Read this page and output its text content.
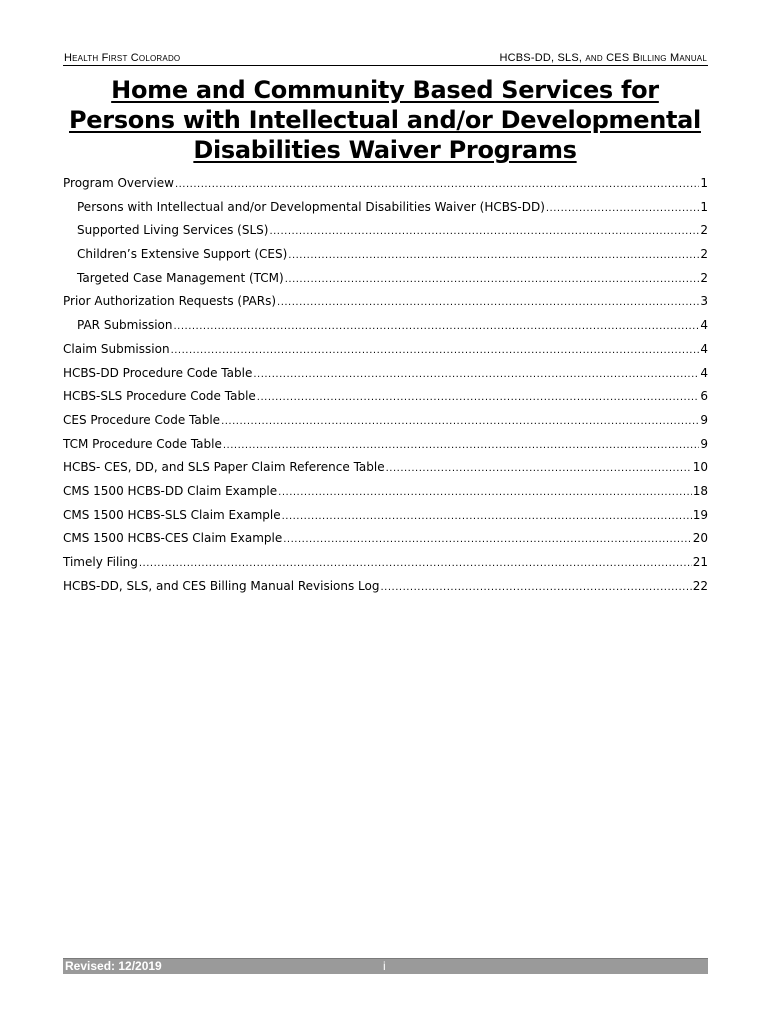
Health First Colorado	HCBS-DD, SLS, and CES Billing Manual
Home and Community Based Services for Persons with Intellectual and/or Developmental Disabilities Waiver Programs
Program Overview .....	1
Persons with Intellectual and/or Developmental Disabilities Waiver (HCBS-DD) .....	1
Supported Living Services (SLS) .....	2
Children’s Extensive Support (CES) .....	2
Targeted Case Management (TCM) .....	2
Prior Authorization Requests (PARs) .....	3
PAR Submission .....	4
Claim Submission .....	4
HCBS-DD Procedure Code Table .....	4
HCBS-SLS Procedure Code Table .....	6
CES Procedure Code Table .....	9
TCM Procedure Code Table .....	9
HCBS- CES, DD, and SLS Paper Claim Reference Table .....	10
CMS 1500 HCBS-DD Claim Example .....	18
CMS 1500 HCBS-SLS Claim Example .....	19
CMS 1500 HCBS-CES Claim Example .....	20
Timely Filing .....	21
HCBS-DD, SLS, and CES Billing Manual Revisions Log .....	22
Revised: 12/2019	i
